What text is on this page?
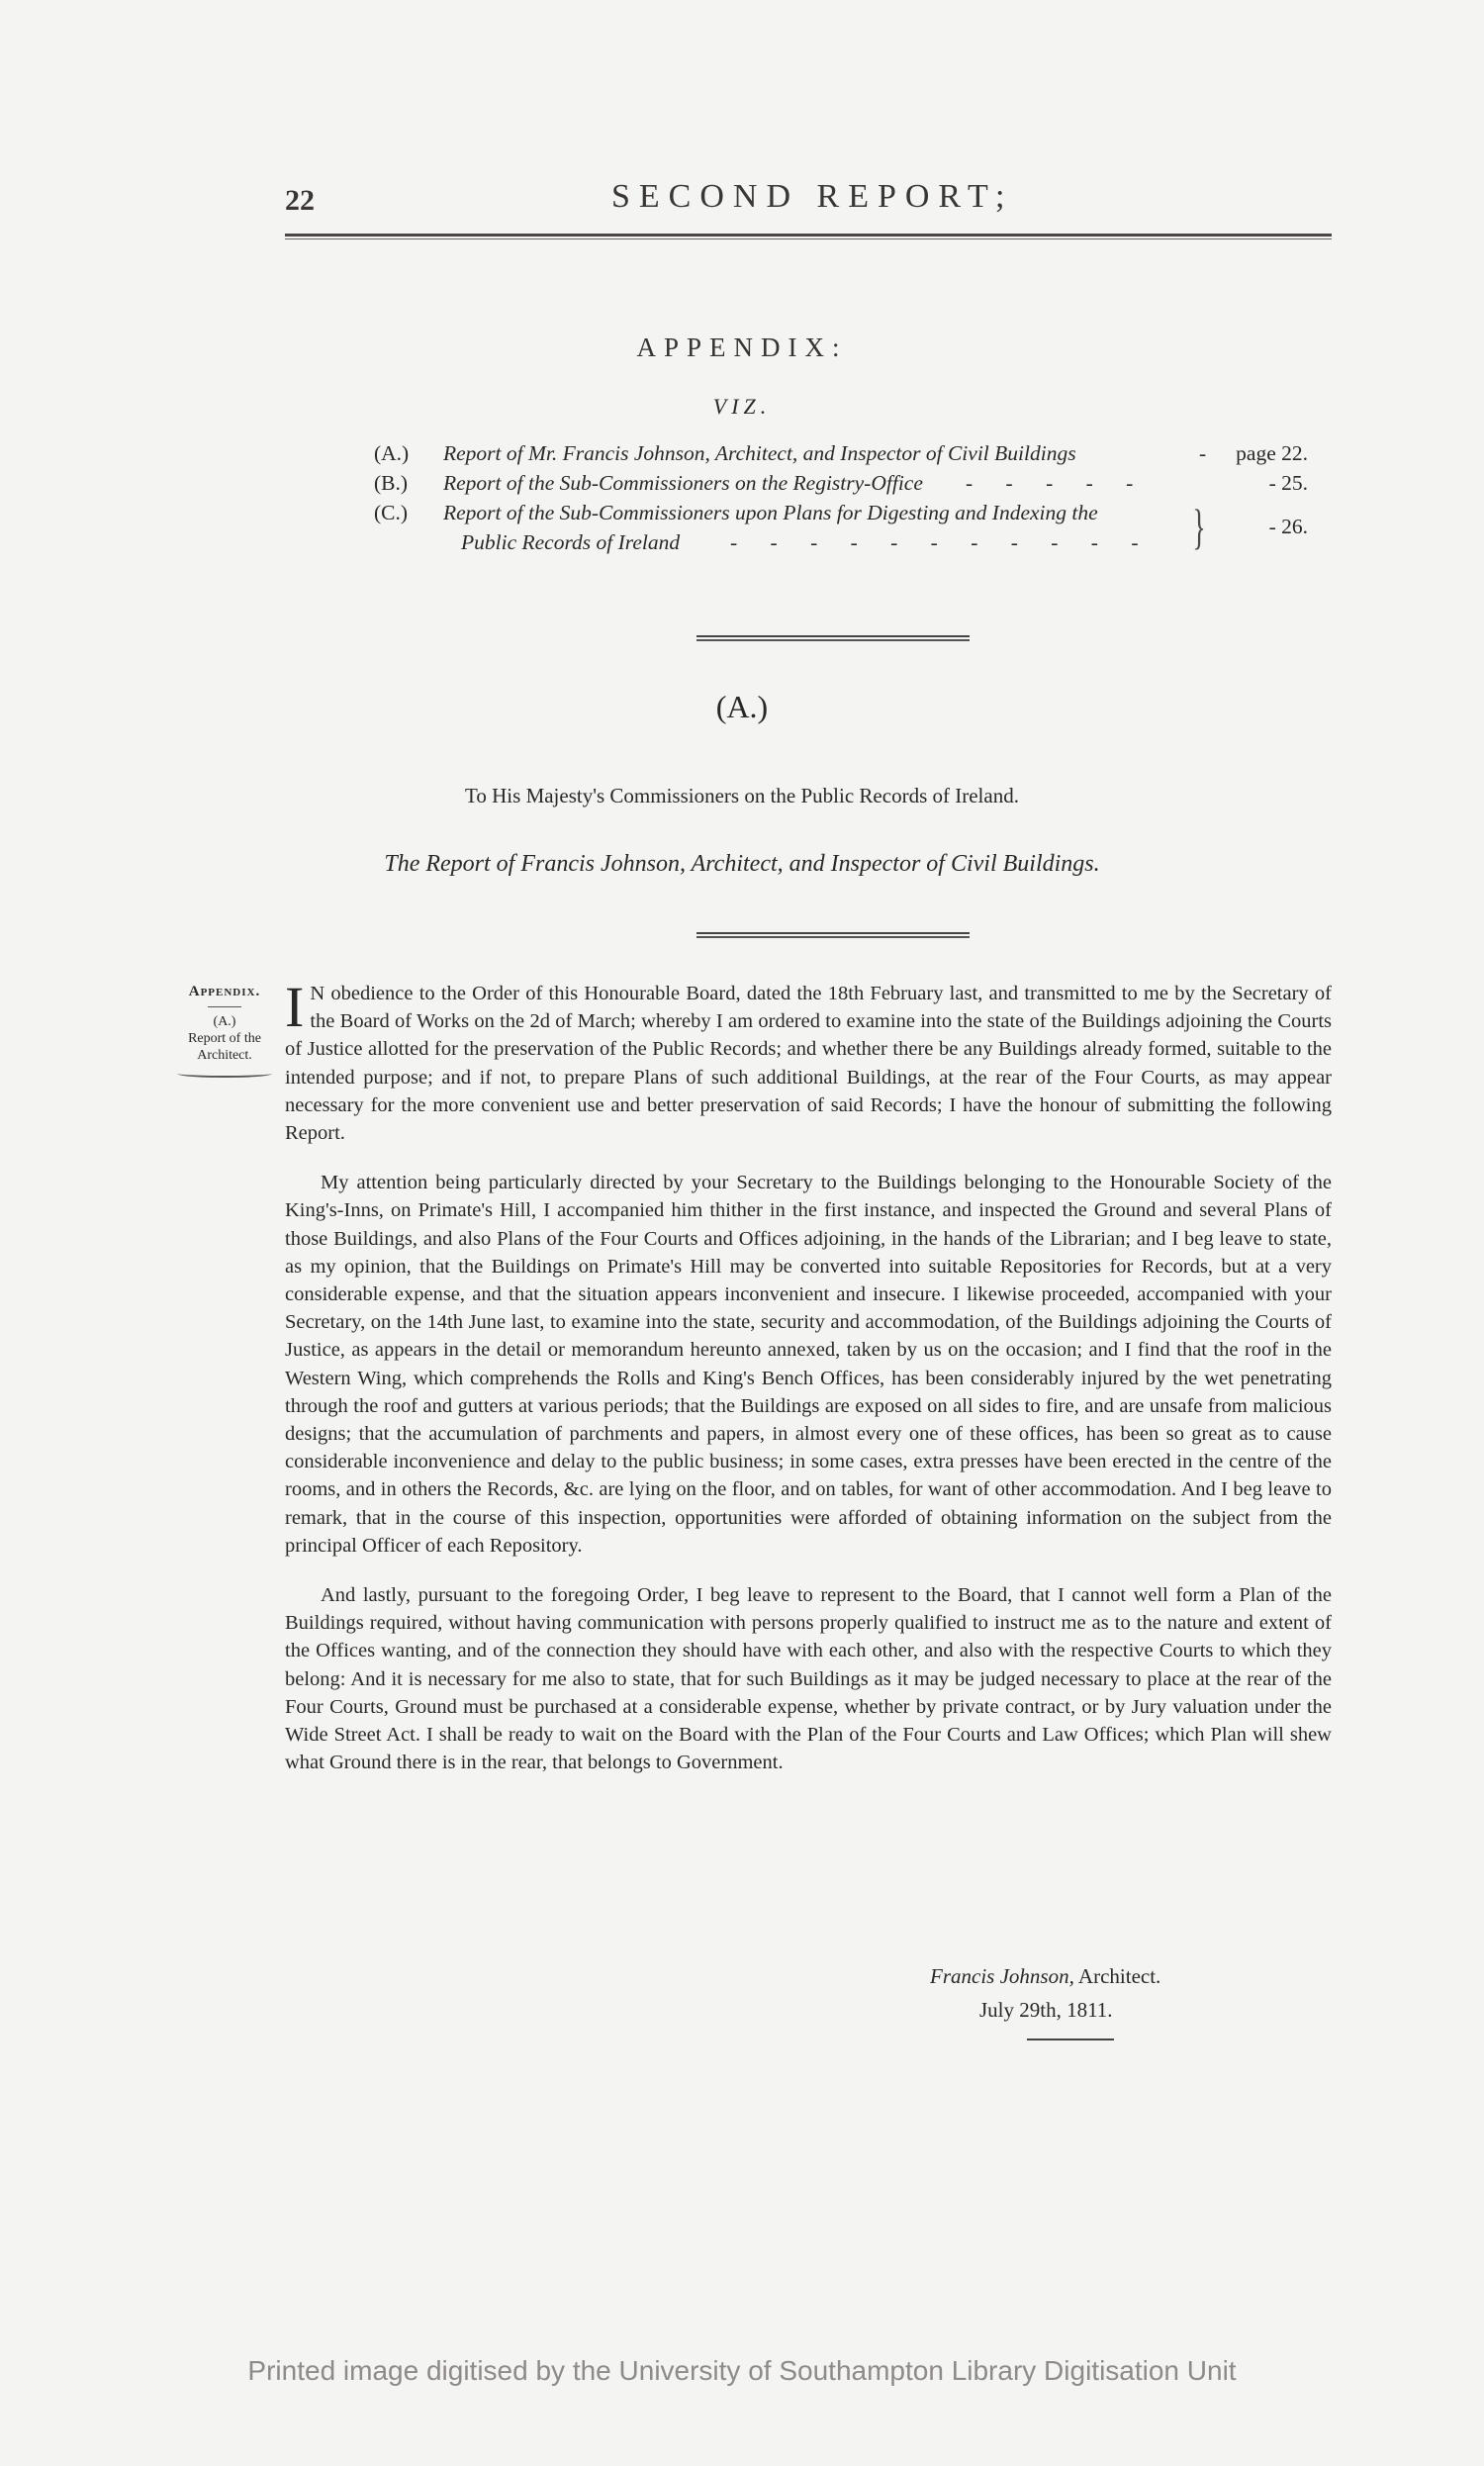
22	SECOND REPORT;
APPENDIX:
VIZ.
(A.) Report of Mr. Francis Johnson, Architect, and Inspector of Civil Buildings	- page 22.
(B.) Report of the Sub-Commissioners on the Registry-Office - - - - -	- 25.
(C.) Report of the Sub-Commissioners upon Plans for Digesting and Indexing the
Public Records of Ireland - - - - - - - - - - - }	- 26.
(A.)
To His Majesty's Commissioners on the Public Records of Ireland.
The Report of Francis Johnson, Architect, and Inspector of Civil Buildings.
Appendix.
(A.)
Report of the Architect.

I N obedience to the Order of this Honourable Board, dated the 18th February last, and transmitted to me by the Secretary of the Board of Works on the 2d of March; whereby I am ordered to examine into the state of the Buildings adjoining the Courts of Justice allotted for the preservation of the Public Records; and whether there be any Buildings already formed, suitable to the intended purpose; and if not, to prepare Plans of such additional Buildings, at the rear of the Four Courts, as may appear necessary for the more convenient use and better preservation of said Records; I have the honour of submitting the following Report.

My attention being particularly directed by your Secretary to the Buildings belonging to the Honourable Society of the King's-Inns, on Primate's Hill, I accompanied him thither in the first instance, and inspected the Ground and several Plans of those Buildings, and also Plans of the Four Courts and Offices adjoining, in the hands of the Librarian; and I beg leave to state, as my opinion, that the Buildings on Primate's Hill may be converted into suitable Repositories for Records, but at a very considerable expense, and that the situation appears inconvenient and insecure. I likewise proceeded, accompanied with your Secretary, on the 14th June last, to examine into the state, security and accommodation, of the Buildings adjoining the Courts of Justice, as appears in the detail or memorandum hereunto annexed, taken by us on the occasion; and I find that the roof in the Western Wing, which comprehends the Rolls and King's Bench Offices, has been considerably injured by the wet penetrating through the roof and gutters at various periods; that the Buildings are exposed on all sides to fire, and are unsafe from malicious designs; that the accumulation of parchments and papers, in almost every one of these offices, has been so great as to cause considerable inconvenience and delay to the public business; in some cases, extra presses have been erected in the centre of the rooms, and in others the Records, &c. are lying on the floor, and on tables, for want of other accommodation. And I beg leave to remark, that in the course of this inspection, opportunities were afforded of obtaining information on the subject from the principal Officer of each Repository.

And lastly, pursuant to the foregoing Order, I beg leave to represent to the Board, that I cannot well form a Plan of the Buildings required, without having communication with persons properly qualified to instruct me as to the nature and extent of the Offices wanting, and of the connection they should have with each other, and also with the respective Courts to which they belong: And it is necessary for me also to state, that for such Buildings as it may be judged necessary to place at the rear of the Four Courts, Ground must be purchased at a considerable expense, whether by private contract, or by Jury valuation under the Wide Street Act. I shall be ready to wait on the Board with the Plan of the Four Courts and Law Offices; which Plan will shew what Ground there is in the rear, that belongs to Government.

Francis Johnson, Architect.
July 29th, 1811.
Printed image digitised by the University of Southampton Library Digitisation Unit
